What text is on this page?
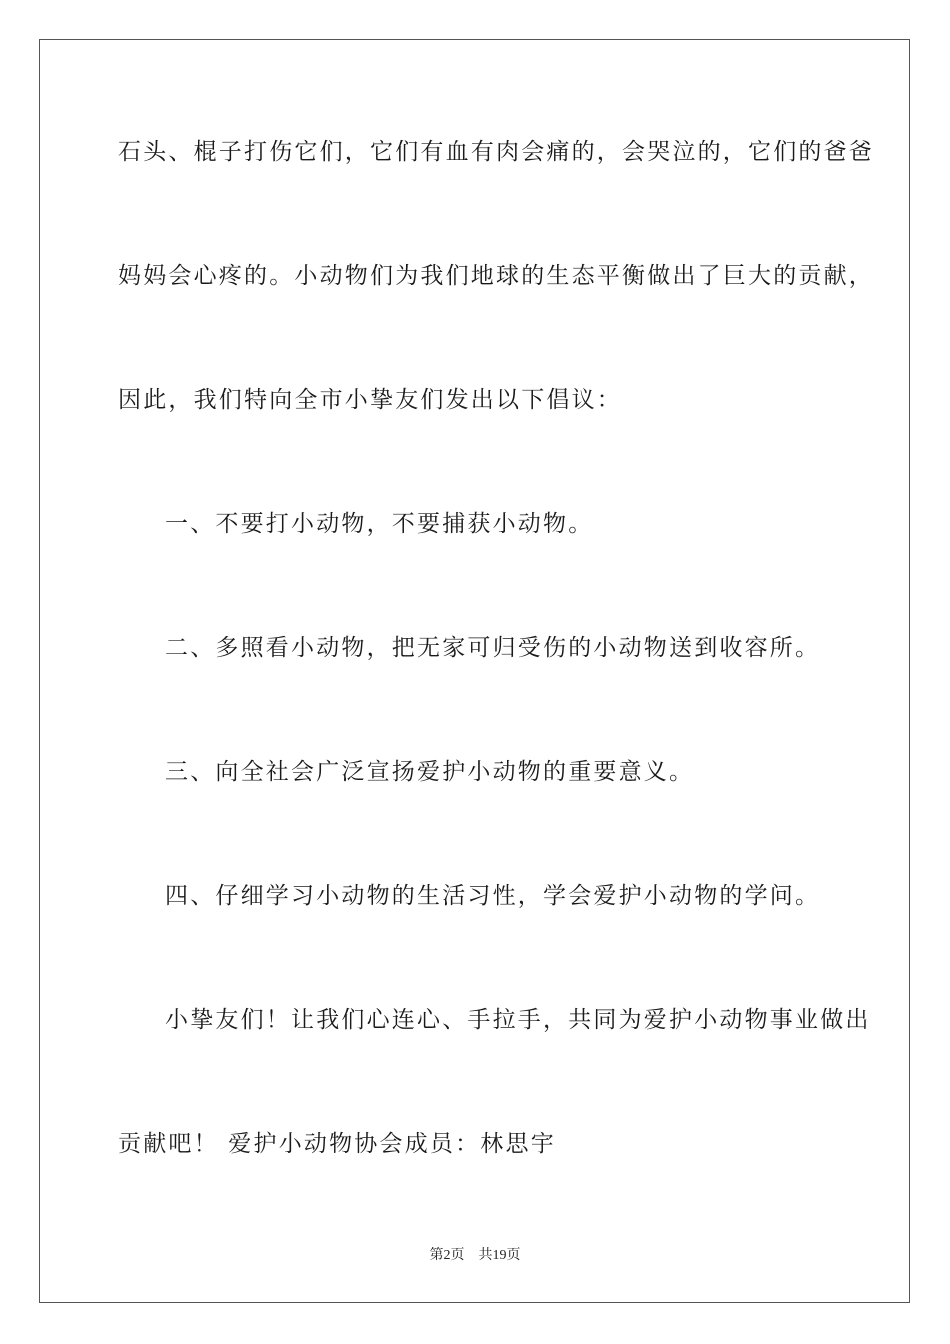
石头、棍子打伤它们，它们有血有肉会痛的，会哭泣的，它们的爸爸

妈妈会心疼的。小动物们为我们地球的生态平衡做出了巨大的贡献，

因此，我们特向全市小挚友们发出以下倡议：

一、不要打小动物，不要捕获小动物。

二、多照看小动物，把无家可归受伤的小动物送到收容所。

三、向全社会广泛宣扬爱护小动物的重要意义。

四、仔细学习小动物的生活习性，学会爱护小动物的学问。

小挚友们！让我们心连心、手拉手，共同为爱护小动物事业做出

贡献吧！ 爱护小动物协会成员：林思宇

第2页 共19页
